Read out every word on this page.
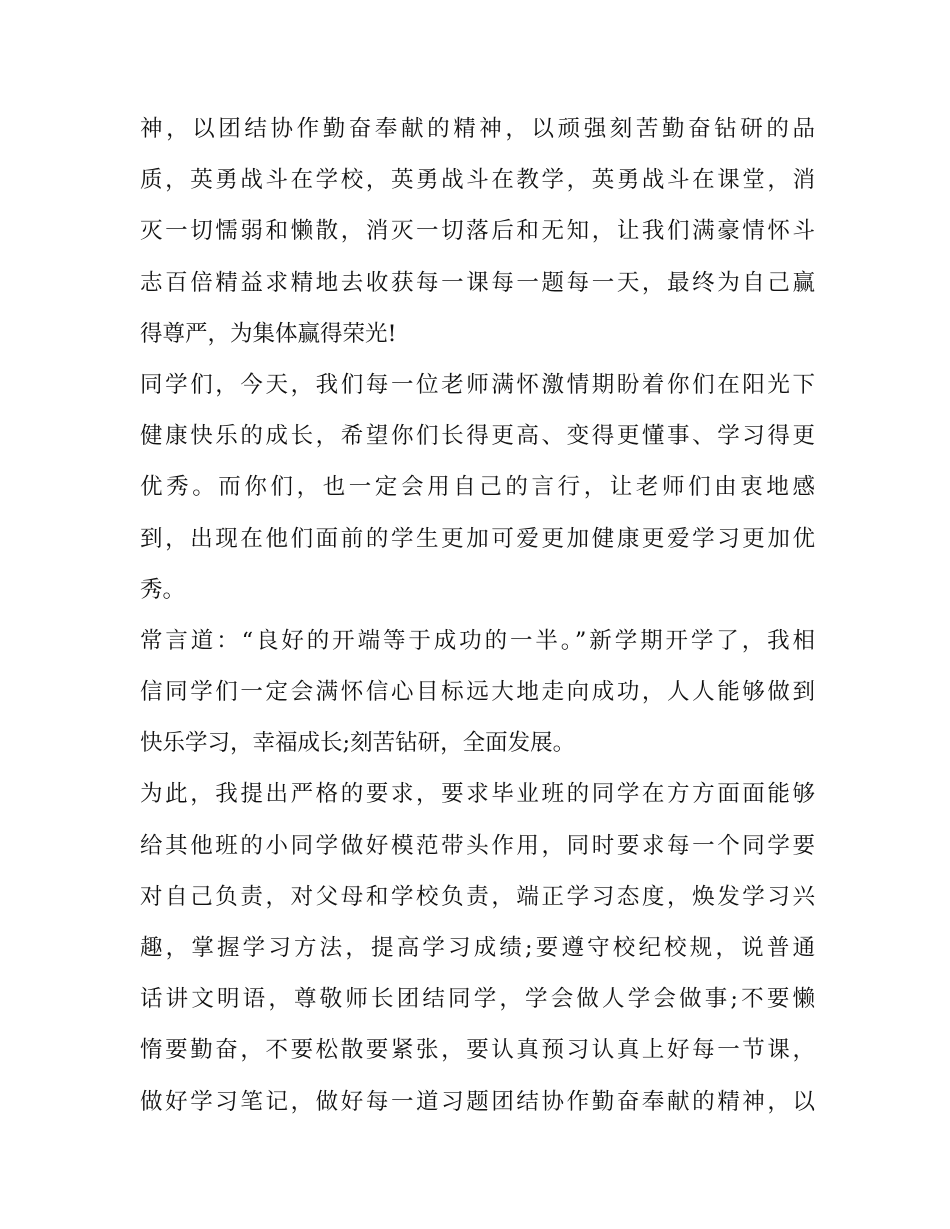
神，以团结协作勤奋奉献的精神，以顽强刻苦勤奋钻研的品
质，英勇战斗在学校，英勇战斗在教学，英勇战斗在课堂，消
灭一切懦弱和懒散，消灭一切落后和无知，让我们满豪情怀斗
志百倍精益求精地去收获每一课每一题每一天，最终为自己赢
得尊严，为集体赢得荣光!
同学们，今天，我们每一位老师满怀激情期盼着你们在阳光下
健康快乐的成长，希望你们长得更高、变得更懂事、学习得更
优秀。而你们，也一定会用自己的言行，让老师们由衷地感
到，出现在他们面前的学生更加可爱更加健康更爱学习更加优
秀。
常言道：“良好的开端等于成功的一半。”新学期开学了，我相
信同学们一定会满怀信心目标远大地走向成功，人人能够做到
快乐学习，幸福成长;刻苦钻研，全面发展。
为此，我提出严格的要求，要求毕业班的同学在方方面面能够
给其他班的小同学做好模范带头作用，同时要求每一个同学要
对自己负责，对父母和学校负责，端正学习态度，焕发学习兴
趣，掌握学习方法，提高学习成绩;要遵守校纪校规，说普通
话讲文明语，尊敬师长团结同学，学会做人学会做事;不要懒
惰要勤奋，不要松散要紧张，要认真预习认真上好每一节课，
做好学习笔记，做好每一道习题团结协作勤奋奉献的精神，以
